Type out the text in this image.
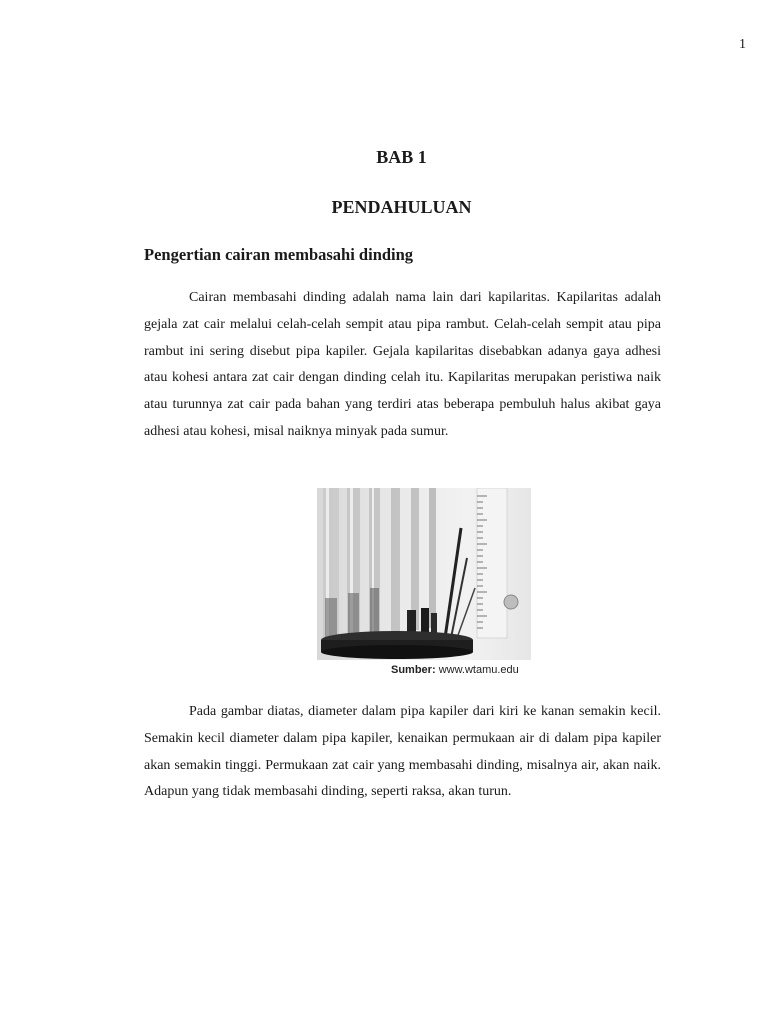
1
BAB 1
PENDAHULUAN
Pengertian cairan membasahi dinding

Cairan membasahi dinding adalah nama lain dari kapilaritas. Kapilaritas adalah gejala zat cair melalui celah-celah sempit atau pipa rambut. Celah-celah sempit atau pipa rambut ini sering disebut pipa kapiler. Gejala kapilaritas disebabkan adanya gaya adhesi atau kohesi antara zat cair dengan dinding celah itu. Kapilaritas merupakan peristiwa naik atau turunnya zat cair pada bahan yang terdiri atas beberapa pembuluh halus akibat gaya adhesi atau kohesi, misal naiknya minyak pada sumur.

Sumber: www.wtamu.edu

Pada gambar diatas, diameter dalam pipa kapiler dari kiri ke kanan semakin kecil. Semakin kecil diameter dalam pipa kapiler, kenaikan permukaan air di dalam pipa kapiler akan semakin tinggi. Permukaan zat cair yang membasahi dinding, misalnya air, akan naik. Adapun yang tidak membasahi dinding, seperti raksa, akan turun.
